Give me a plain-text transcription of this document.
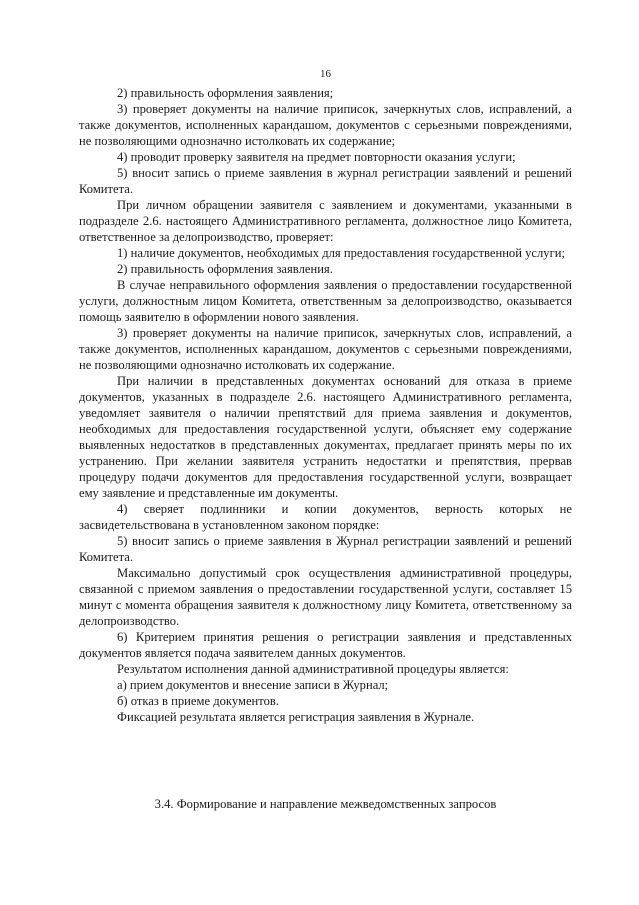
16

2) правильность оформления заявления;

3) проверяет документы на наличие приписок, зачеркнутых слов, исправлений, а также документов, исполненных карандашом, документов с серьезными повреждениями, не позволяющими однозначно истолковать их содержание;

4) проводит проверку заявителя на предмет повторности оказания услуги;

5) вносит запись о приеме заявления в журнал регистрации заявлений и решений Комитета.

При личном обращении заявителя с заявлением и документами, указанными в подразделе 2.6. настоящего Административного регламента, должностное лицо Комитета, ответственное за делопроизводство, проверяет:

1) наличие документов, необходимых для предоставления государственной услуги;

2) правильность оформления заявления.

В случае неправильного оформления заявления о предоставлении государственной услуги, должностным лицом Комитета, ответственным за делопроизводство, оказывается помощь заявителю в оформлении нового заявления.

3) проверяет документы на наличие приписок, зачеркнутых слов, исправлений, а также документов, исполненных карандашом, документов с серьезными повреждениями, не позволяющими однозначно истолковать их содержание.

При наличии в представленных документах оснований для отказа в приеме документов, указанных в подразделе 2.6. настоящего Административного регламента, уведомляет заявителя о наличии препятствий для приема заявления и документов, необходимых для предоставления государственной услуги, объясняет ему содержание выявленных недостатков в представленных документах, предлагает принять меры по их устранению. При желании заявителя устранить недостатки и препятствия, прервав процедуру подачи документов для предоставления государственной услуги, возвращает ему заявление и представленные им документы.

4) сверяет подлинники и копии документов, верность которых не засвидетельствована в установленном законом порядке:

5) вносит запись о приеме заявления в Журнал регистрации заявлений и решений Комитета.

Максимально допустимый срок осуществления административной процедуры, связанной с приемом заявления о предоставлении государственной услуги, составляет 15 минут с момента обращения заявителя к должностному лицу Комитета, ответственному за делопроизводство.

6) Критерием принятия решения о регистрации заявления и представленных документов является подача заявителем данных документов.

Результатом исполнения данной административной процедуры является:

а) прием документов и внесение записи в Журнал;

б) отказ в приеме документов.

Фиксацией результата является регистрация заявления в Журнале.

3.4. Формирование и направление межведомственных запросов
